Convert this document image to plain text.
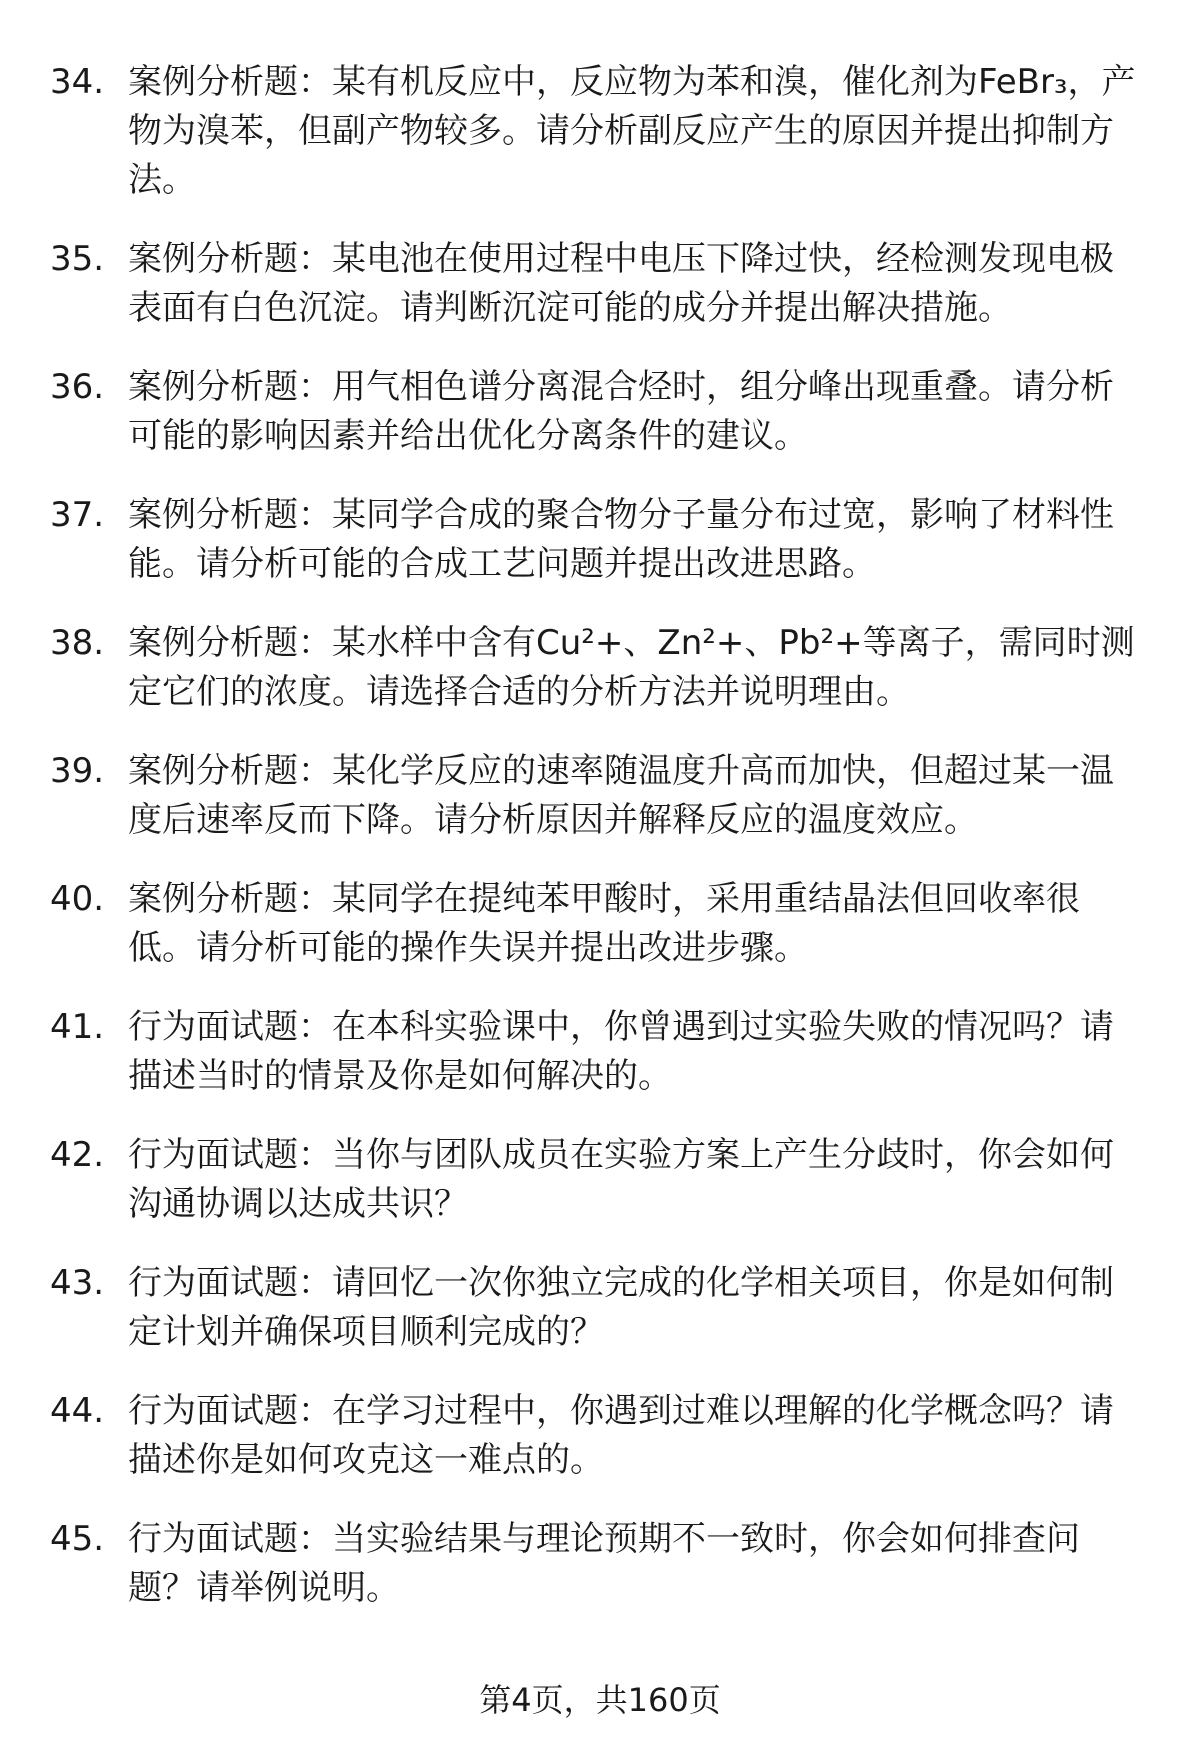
34. 案例分析题：某有机反应中，反应物为苯和溴，催化剂为FeBr₃，产物为溴苯，但副产物较多。请分析副反应产生的原因并提出抑制方法。
35. 案例分析题：某电池在使用过程中电压下降过快，经检测发现电极表面有白色沉淀。请判断沉淀可能的成分并提出解决措施。
36. 案例分析题：用气相色谱分离混合烃时，组分峰出现重叠。请分析可能的影响因素并给出优化分离条件的建议。
37. 案例分析题：某同学合成的聚合物分子量分布过宽，影响了材料性能。请分析可能的合成工艺问题并提出改进思路。
38. 案例分析题：某水样中含有Cu²+、Zn²+、Pb²+等离子，需同时测定它们的浓度。请选择合适的分析方法并说明理由。
39. 案例分析题：某化学反应的速率随温度升高而加快，但超过某一温度后速率反而下降。请分析原因并解释反应的温度效应。
40. 案例分析题：某同学在提纯苯甲酸时，采用重结晶法但回收率很低。请分析可能的操作失误并提出改进步骤。
41. 行为面试题：在本科实验课中，你曾遇到过实验失败的情况吗？请描述当时的情景及你是如何解决的。
42. 行为面试题：当你与团队成员在实验方案上产生分歧时，你会如何沟通协调以达成共识？
43. 行为面试题：请回忆一次你独立完成的化学相关项目，你是如何制定计划并确保项目顺利完成的？
44. 行为面试题：在学习过程中，你遇到过难以理解的化学概念吗？请描述你是如何攻克这一难点的。
45. 行为面试题：当实验结果与理论预期不一致时，你会如何排查问题？请举例说明。
第4页，共160页
